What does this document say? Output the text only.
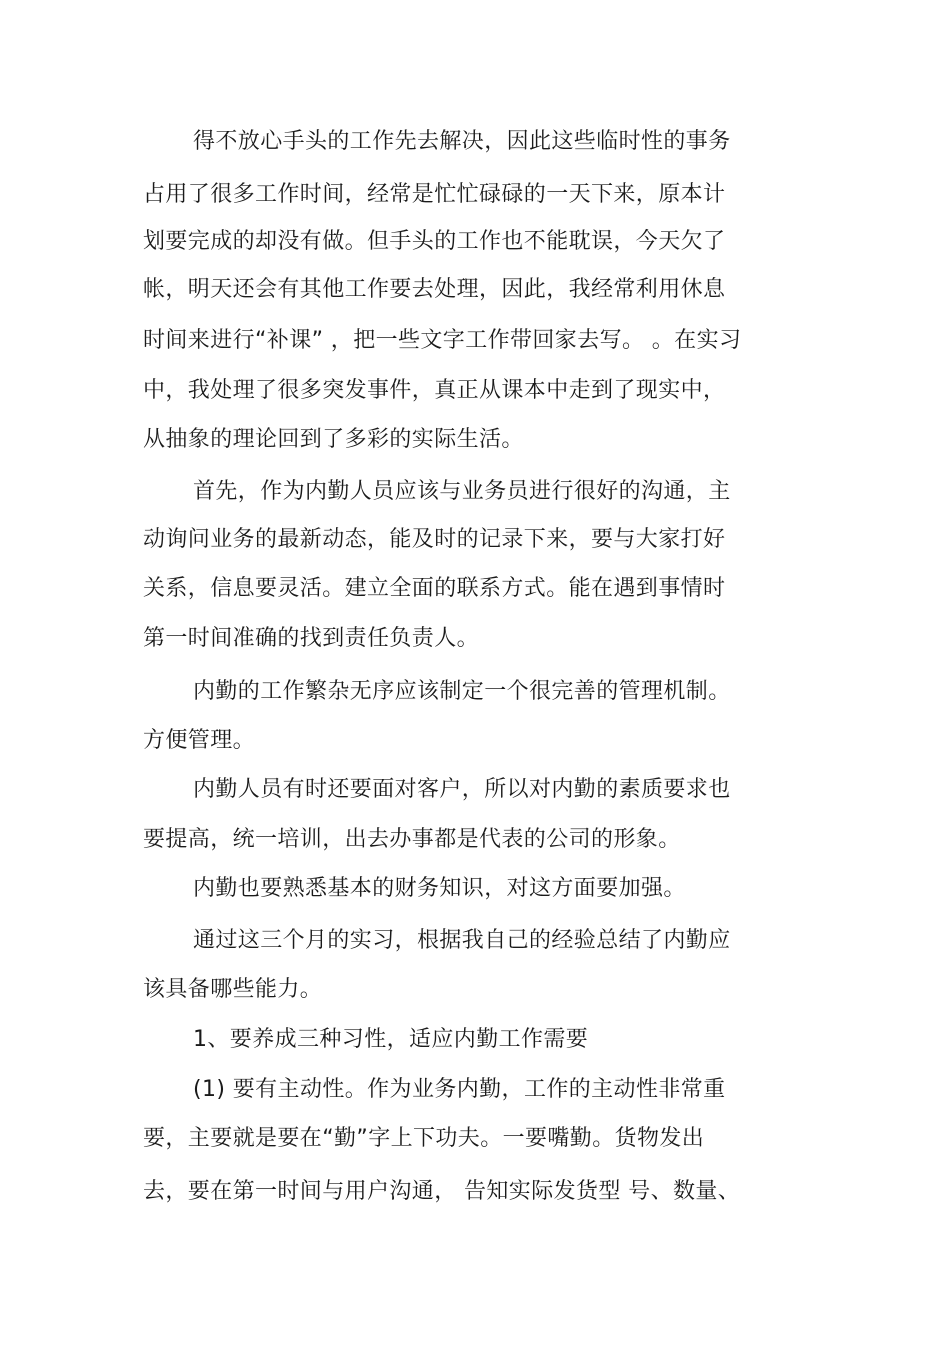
得不放心手头的工作先去解决，因此这些临时性的事务
占用了很多工作时间，经常是忙忙碌碌的一天下来，原本计
划要完成的却没有做。但手头的工作也不能耽误，今天欠了
帐，明天还会有其他工作要去处理，因此，我经常利用休息
时间来进行“补课” ，把一些文字工作带回家去写。 。在实习
中，我处理了很多突发事件，真正从课本中走到了现实中，
从抽象的理论回到了多彩的实际生活。
首先，作为内勤人员应该与业务员进行很好的沟通，主
动询问业务的最新动态，能及时的记录下来，要与大家打好
关系，信息要灵活。建立全面的联系方式。能在遇到事情时
第一时间准确的找到责任负责人。
内勤的工作繁杂无序应该制定一个很完善的管理机制。
方便管理。
内勤人员有时还要面对客户，所以对内勤的素质要求也
要提高，统一培训，出去办事都是代表的公司的形象。
内勤也要熟悉基本的财务知识，对这方面要加强。
通过这三个月的实习，根据我自己的经验总结了内勤应
该具备哪些能力。
1、要养成三种习性，适应内勤工作需要
(1) 要有主动性。作为业务内勤，工作的主动性非常重
要，主要就是要在“勤”字上下功夫。一要嘴勤。货物发出
去，要在第一时间与用户沟通， 告知实际发货型 号、数量、
